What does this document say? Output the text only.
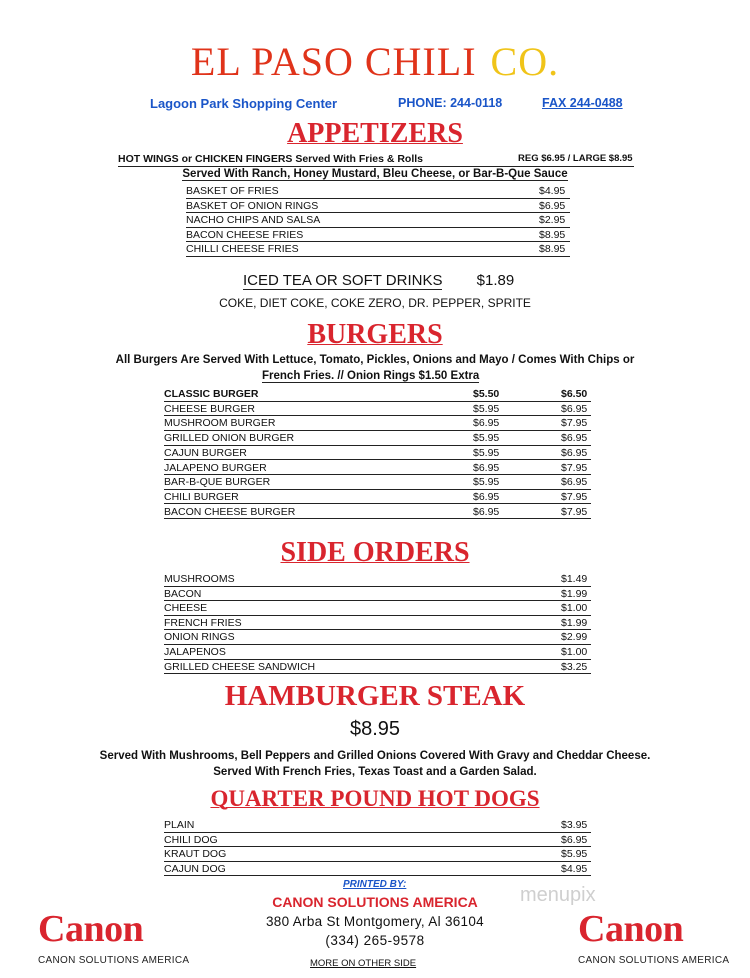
EL PASO CHILI CO.
Lagoon Park Shopping Center	PHONE: 244-0118	FAX 244-0488
APPETIZERS
HOT WINGS or CHICKEN FINGERS Served With Fries & Rolls	REG $6.95 / LARGE $8.95
Served With Ranch, Honey Mustard, Bleu Cheese, or Bar-B-Que Sauce
BASKET OF FRIES	$4.95
BASKET OF ONION RINGS	$6.95
NACHO CHIPS AND SALSA	$2.95
BACON CHEESE FRIES	$8.95
CHILLI CHEESE FRIES	$8.95
ICED TEA OR SOFT DRINKS $1.89
COKE, DIET COKE, COKE ZERO, DR. PEPPER, SPRITE
BURGERS
All Burgers Are Served With Lettuce, Tomato, Pickles, Onions and Mayo / Comes With Chips or
French Fries. // Onion Rings $1.50 Extra
CLASSIC BURGER	$5.50	$6.50
CHEESE BURGER	$5.95	$6.95
MUSHROOM BURGER	$6.95	$7.95
GRILLED ONION BURGER	$5.95	$6.95
CAJUN BURGER	$5.95	$6.95
JALAPENO BURGER	$6.95	$7.95
BAR-B-QUE BURGER	$5.95	$6.95
CHILI BURGER	$6.95	$7.95
BACON CHEESE BURGER	$6.95	$7.95
SIDE ORDERS
MUSHROOMS	$1.49
BACON	$1.99
CHEESE	$1.00
FRENCH FRIES	$1.99
ONION RINGS	$2.99
JALAPENOS	$1.00
GRILLED CHEESE SANDWICH	$3.25
HAMBURGER STEAK
$8.95
Served With Mushrooms, Bell Peppers and Grilled Onions Covered With Gravy and Cheddar Cheese.
Served With French Fries, Texas Toast and a Garden Salad.
QUARTER POUND HOT DOGS
PLAIN	$3.95
CHILI DOG	$6.95
KRAUT DOG	$5.95
CAJUN DOG	$4.95
PRINTED BY:
CANON SOLUTIONS AMERICA
380 Arba St Montgomery, Al 36104
(334) 265-9578
MORE ON OTHER SIDE
Canon
CANON SOLUTIONS AMERICA
Canon
CANON SOLUTIONS AMERICA
menupix
